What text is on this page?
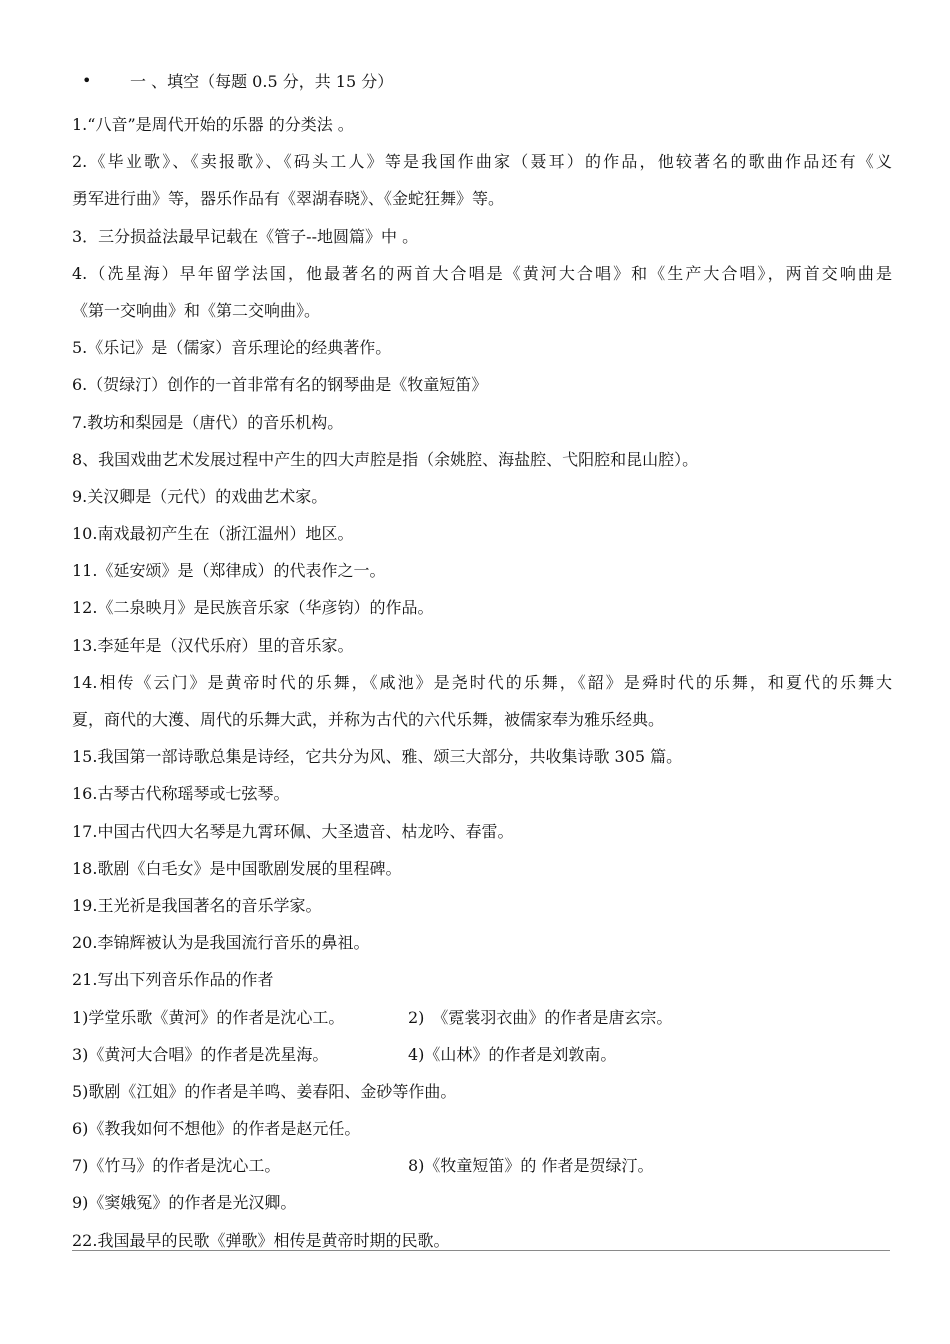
•	一 、填空（每题 0.5 分，共 15 分）
1.“八音”是周代开始的乐器 的分类法 。
2.《毕业歌》、《卖报歌》、《码头工人》等是我国作曲家（聂耳）的作品，他较著名的歌曲作品还有《义
勇军进行曲》等，器乐作品有《翠湖春晓》、《金蛇狂舞》等。
3．三分损益法最早记载在《管子--地圆篇》中 。
4.（冼星海）早年留学法国，他最著名的两首大合唱是《黄河大合唱》和《生产大合唱》，两首交响曲是
《第一交响曲》和《第二交响曲》。
5.《乐记》是（儒家）音乐理论的经典著作。
6.（贺绿汀）创作的一首非常有名的钢琴曲是《牧童短笛》
7.教坊和梨园是（唐代）的音乐机构。
8、我国戏曲艺术发展过程中产生的四大声腔是指（余姚腔、海盐腔、弋阳腔和昆山腔）。
9.关汉卿是（元代）的戏曲艺术家。
10.南戏最初产生在（浙江温州）地区。
11.《延安颂》是（郑律成）的代表作之一。
12.《二泉映月》是民族音乐家（华彦钧）的作品。
13.李延年是（汉代乐府）里的音乐家。
14.相传《云门》是黄帝时代的乐舞，《咸池》是尧时代的乐舞，《韶》是舜时代的乐舞，和夏代的乐舞大
夏，商代的大濩、周代的乐舞大武，并称为古代的六代乐舞，被儒家奉为雅乐经典。
15.我国第一部诗歌总集是诗经，它共分为风、雅、颂三大部分，共收集诗歌 305 篇。
16.古琴古代称瑶琴或七弦琴。
17.中国古代四大名琴是九霄环佩、大圣遗音、枯龙吟、春雷。
18.歌剧《白毛女》是中国歌剧发展的里程碑。
19.王光祈是我国著名的音乐学家。
20.李锦辉被认为是我国流行音乐的鼻祖。
21.写出下列音乐作品的作者
1)学堂乐歌《黄河》的作者是沈心工。	2)　《霓裳羽衣曲》的作者是唐玄宗。
3)《黄河大合唱》的作者是冼星海。	4)《山林》的作者是刘敦南。
5)歌剧《江姐》的作者是羊鸣、姜春阳、金砂等作曲。
6)《教我如何不想他》的作者是赵元任。
7)《竹马》的作者是沈心工。	8)《牧童短笛》的 作者是贺绿汀。
9)《窦娥冤》的作者是光汉卿。
22.我国最早的民歌《弹歌》相传是黄帝时期的民歌。
